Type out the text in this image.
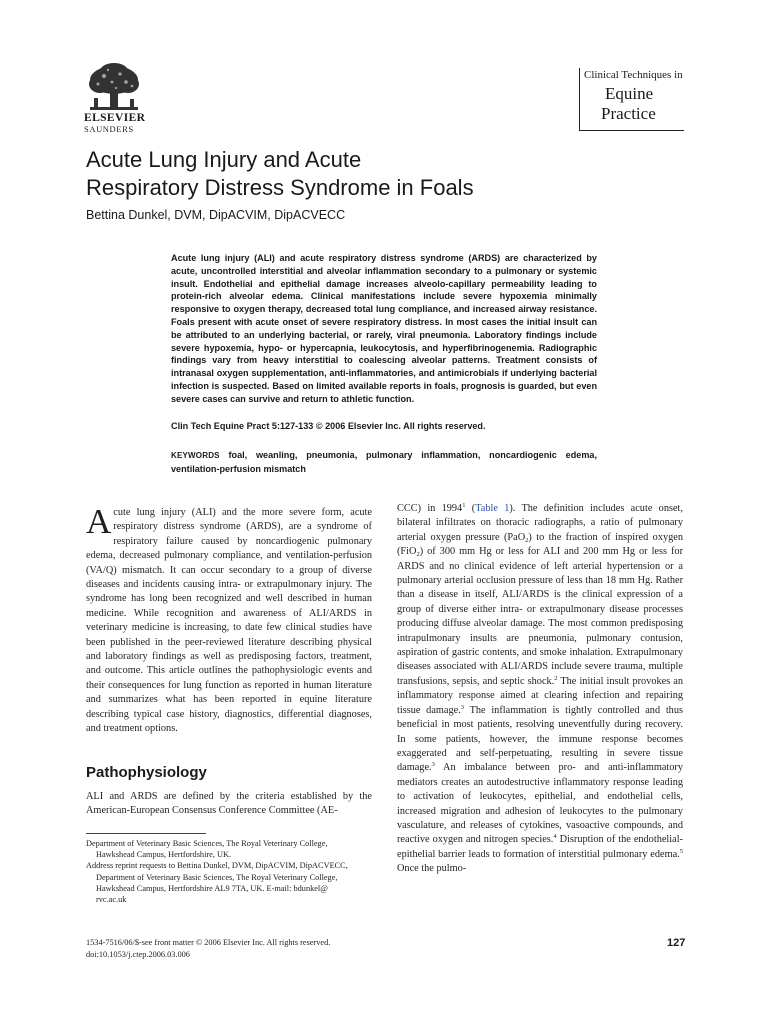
ELSEVIER
SAUNDERS
Clinical Techniques in
Equine
Practice
Acute Lung Injury and Acute
Respiratory Distress Syndrome in Foals
Bettina Dunkel, DVM, DipACVIM, DipACVECC
Acute lung injury (ALI) and acute respiratory distress syndrome (ARDS) are characterized by acute, uncontrolled interstitial and alveolar inflammation secondary to a pulmonary or systemic insult. Endothelial and epithelial damage increases alveolo-capillary permeability leading to protein-rich alveolar edema. Clinical manifestations include severe hypoxemia minimally responsive to oxygen therapy, decreased total lung compliance, and increased airway resistance. Foals present with acute onset of severe respiratory distress. In most cases the initial insult can be attributed to an underlying bacterial, or rarely, viral pneumonia. Laboratory findings include severe hypoxemia, hypo- or hypercapnia, leukocytosis, and hyperfibrinogenemia. Radiographic findings vary from heavy interstitial to coalescing alveolar patterns. Treatment consists of intranasal oxygen supplementation, anti-inflammatories, and antimicrobials if underlying bacterial infection is suspected. Based on limited available reports in foals, prognosis is guarded, but even severe cases can survive and return to athletic function.
Clin Tech Equine Pract 5:127-133 © 2006 Elsevier Inc. All rights reserved.
KEYWORDS foal, weanling, pneumonia, pulmonary inflammation, noncardiogenic edema, ventilation-perfusion mismatch
Acute lung injury (ALI) and the more severe form, acute respiratory distress syndrome (ARDS), are a syndrome of respiratory failure caused by noncardiogenic pulmonary edema, decreased pulmonary compliance, and ventilation-perfusion (VA/Q) mismatch. It can occur secondary to a group of diverse diseases and incidents causing intra- or extrapulmonary injury. The syndrome has long been recognized and well described in human medicine. While recognition and awareness of ALI/ARDS in veterinary medicine is increasing, to date few clinical studies have been published in the peer-reviewed literature describing physical and laboratory findings as well as predisposing factors, treatment, and outcome. This article outlines the pathophysiologic events and their consequences for lung function as reported in human literature and summarizes what has been reported in equine literature describing typical case history, diagnostics, differential diagnoses, and treatment options.
Pathophysiology
ALI and ARDS are defined by the criteria established by the American-European Consensus Conference Committee (AE-
CCC) in 1994$^1$ (Table 1). The definition includes acute onset, bilateral infiltrates on thoracic radiographs, a ratio of pulmonary arterial oxygen pressure (PaO$_2$) to the fraction of inspired oxygen (FiO$_2$) of 300 mm Hg or less for ALI and 200 mm Hg or less for ARDS and no clinical evidence of left arterial hypertension or a pulmonary arterial occlusion pressure of less than 18 mm Hg. Rather than a disease in itself, ALI/ARDS is the clinical expression of a group of diverse either intra- or extrapulmonary disease processes producing diffuse alveolar damage. The most common predisposing intrapulmonary insults are pneumonia, pulmonary contusion, aspiration of gastric contents, and smoke inhalation. Extrapulmonary diseases associated with ALI/ARDS include severe trauma, multiple transfusions, sepsis, and septic shock.$^2$ The initial insult provokes an inflammatory response aimed at clearing infection and repairing tissue damage.$^3$ The inflammation is tightly controlled and thus beneficial in most patients, resolving uneventfully during recovery. In some patients, however, the immune response becomes exaggerated and self-perpetuating, resulting in severe tissue damage.$^3$ An imbalance between pro- and anti-inflammatory mediators creates an autodestructive inflammatory response leading to activation of leukocytes, epithelial, and endothelial cells, increased migration and adhesion of leukocytes to the pulmonary vasculature, and releases of cytokines, vasoactive compounds, and reactive oxygen and nitrogen species.$^4$ Disruption of the endothelial-epithelial barrier leads to formation of interstitial pulmonary edema.$^5$ Once the pulmo-
Department of Veterinary Basic Sciences, The Royal Veterinary College,
Hawkshead Campus, Hertfordshire, UK.
Address reprint requests to Bettina Dunkel, DVM, DipACVIM, DipACVECC,
Department of Veterinary Basic Sciences, The Royal Veterinary College,
Hawkshead Campus, Hertfordshire AL9 7TA, UK. E-mail: bdunkel@
rvc.ac.uk
1534-7516/06/$-see front matter © 2006 Elsevier Inc. All rights reserved.
doi:10.1053/j.ctep.2006.03.006
127
